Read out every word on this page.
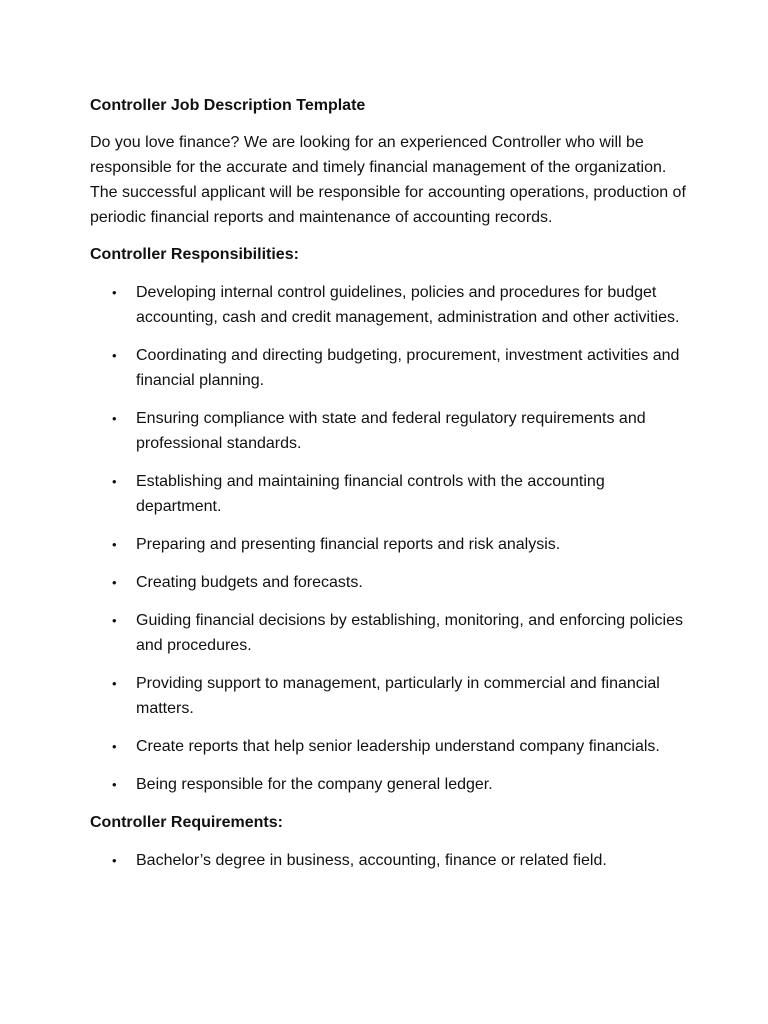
Controller Job Description Template

Do you love finance? We are looking for an experienced Controller who will be responsible for the accurate and timely financial management of the organization. The successful applicant will be responsible for accounting operations, production of periodic financial reports and maintenance of accounting records.

Controller Responsibilities:

• Developing internal control guidelines, policies and procedures for budget accounting, cash and credit management, administration and other activities.
• Coordinating and directing budgeting, procurement, investment activities and financial planning.
• Ensuring compliance with state and federal regulatory requirements and professional standards.
• Establishing and maintaining financial controls with the accounting department.
• Preparing and presenting financial reports and risk analysis.
• Creating budgets and forecasts.
• Guiding financial decisions by establishing, monitoring, and enforcing policies and procedures.
• Providing support to management, particularly in commercial and financial matters.
• Create reports that help senior leadership understand company financials.
• Being responsible for the company general ledger.

Controller Requirements:

• Bachelor’s degree in business, accounting, finance or related field.
